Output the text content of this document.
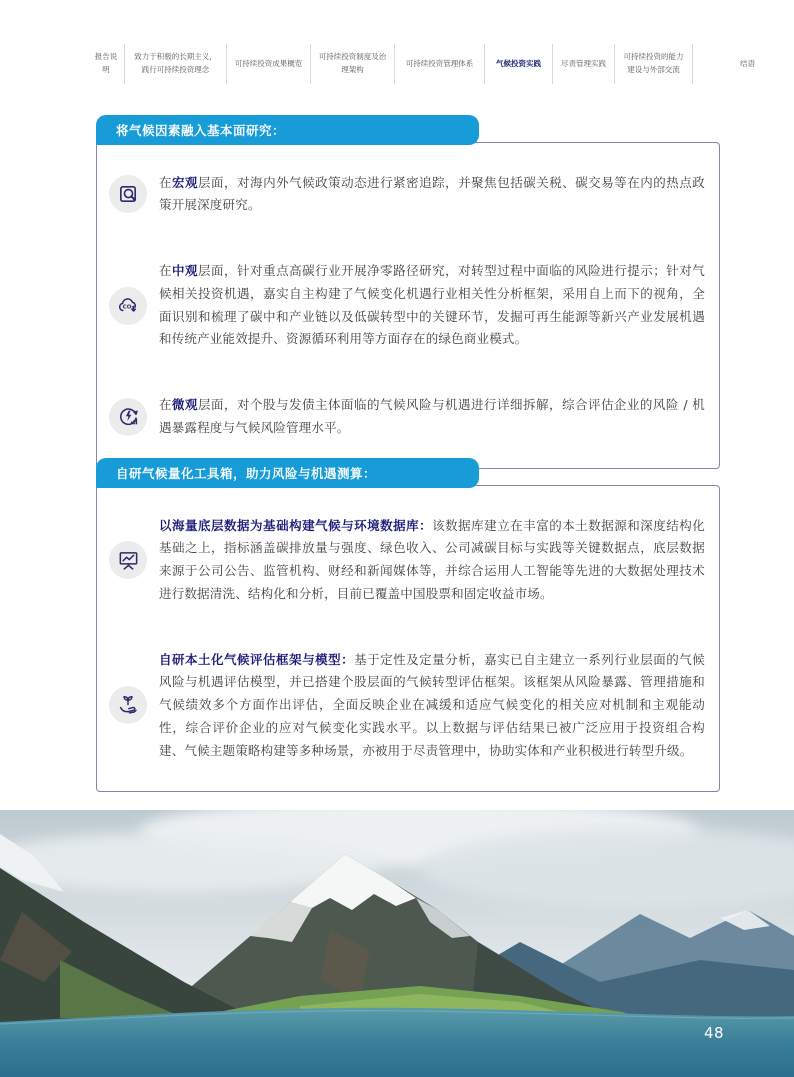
报告说明
致力于积极的长期主义，践行可持续投资理念
可持续投资成果概览
可持续投资制度及治理架构
可持续投资管理体系	气候投资实践	尽责管理实践
可持续投资的能力建设与外部交流
结语
将气候因素融入基本面研究：

在宏观层面，对海内外气候政策动态进行紧密追踪，并聚焦包括碳关税、碳交易等在内的热点政策开展深度研究。

CO₂

在中观层面，针对重点高碳行业开展净零路径研究，对转型过程中面临的风险进行提示；针对气候相关投资机遇，嘉实自主构建了气候变化机遇行业相关性分析框架，采用自上而下的视角，全面识别和梳理了碳中和产业链以及低碳转型中的关键环节，发掘可再生能源等新兴产业发展机遇和传统产业能效提升、资源循环利用等方面存在的绿色商业模式。

在微观层面，对个股与发债主体面临的气候风险与机遇进行详细拆解，综合评估企业的风险 / 机遇暴露程度与气候风险管理水平。

自研气候量化工具箱，助力风险与机遇测算：

以海量底层数据为基础构建气候与环境数据库：该数据库建立在丰富的本土数据源和深度结构化基础之上，指标涵盖碳排放量与强度、绿色收入、公司减碳目标与实践等关键数据点，底层数据来源于公司公告、监管机构、财经和新闻媒体等，并综合运用人工智能等先进的大数据处理技术进行数据清洗、结构化和分析，目前已覆盖中国股票和固定收益市场。

自研本土化气候评估框架与模型：基于定性及定量分析，嘉实已自主建立一系列行业层面的气候风险与机遇评估模型，并已搭建个股层面的气候转型评估框架。该框架从风险暴露、管理措施和气候绩效多个方面作出评估，全面反映企业在减缓和适应气候变化的相关应对机制和主观能动性，综合评价企业的应对气候变化实践水平。以上数据与评估结果已被广泛应用于投资组合构建、气候主题策略构建等多种场景，亦被用于尽责管理中，协助实体和产业积极进行转型升级。

48
